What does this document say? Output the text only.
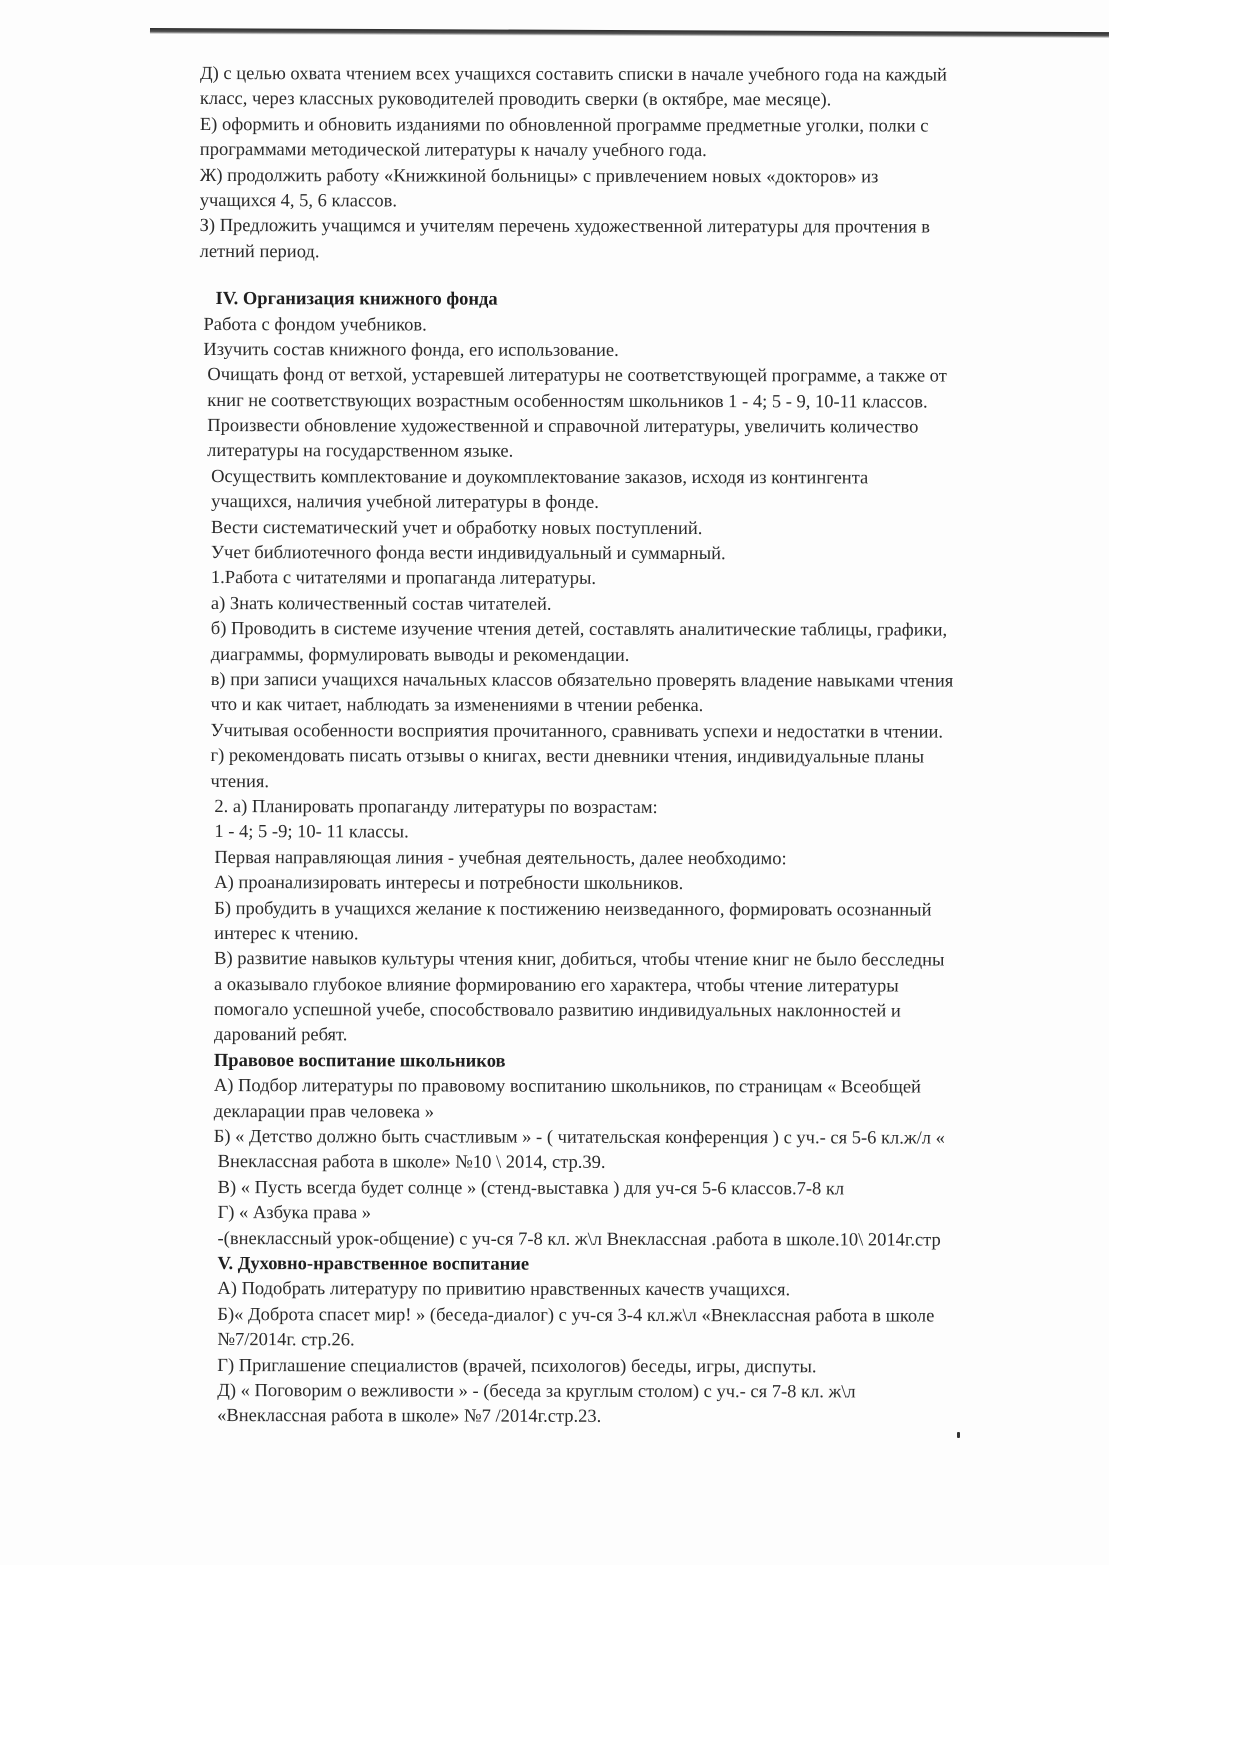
Д) с целью охвата чтением всех учащихся составить списки в начале учебного года на каждый
класс, через классных руководителей проводить сверки (в октябре, мае месяце).
Е) оформить и обновить изданиями по обновленной программе предметные уголки, полки с
программами методической литературы к началу учебного года.
Ж) продолжить работу «Книжкиной больницы» с привлечением новых «докторов» из
учащихся 4, 5, 6 классов.
З) Предложить учащимся и учителям перечень художественной литературы для прочтения в
летний период.
IV. Организация книжного фонда
Работа с фондом учебников.
Изучить состав книжного фонда, его использование.
Очищать фонд от ветхой, устаревшей литературы не соответствующей программе, а также от
книг не соответствующих возрастным особенностям школьников 1 - 4; 5 - 9, 10-11 классов.
Произвести обновление художественной и справочной литературы, увеличить количество
литературы на государственном языке.
Осуществить комплектование и доукомплектование заказов, исходя из контингента
учащихся, наличия учебной литературы в фонде.
Вести систематический учет и обработку новых поступлений.
Учет библиотечного фонда вести индивидуальный и суммарный.
1.Работа с читателями и пропаганда литературы.
а) Знать количественный состав читателей.
б) Проводить в системе изучение чтения детей, составлять аналитические таблицы, графики,
диаграммы, формулировать выводы и рекомендации.
в) при записи учащихся начальных классов обязательно проверять владение навыками чтения
что и как читает, наблюдать за изменениями в чтении ребенка.
Учитывая особенности восприятия прочитанного, сравнивать успехи и недостатки в чтении.
г) рекомендовать писать отзывы о книгах, вести дневники чтения, индивидуальные планы
чтения.
2. а) Планировать пропаганду литературы по возрастам:
1 - 4; 5 -9; 10- 11 классы.
Первая направляющая линия - учебная деятельность, далее необходимо:
А) проанализировать интересы и потребности школьников.
Б) пробудить в учащихся желание к постижению неизведанного, формировать осознанный
интерес к чтению.
В) развитие навыков культуры чтения книг, добиться, чтобы чтение книг не было бесследны
а оказывало глубокое влияние формированию его характера, чтобы чтение литературы
помогало успешной учебе, способствовало развитию индивидуальных наклонностей и
дарований ребят.
Правовое воспитание школьников
А) Подбор литературы по правовому воспитанию школьников, по страницам « Всеобщей
декларации прав человека »
Б) « Детство должно быть счастливым » - ( читательская конференция ) с уч.- ся 5-6 кл.ж/л «
Внеклассная работа в школе» №10 \ 2014, стр.39.
В) « Пусть всегда будет солнце » (стенд-выставка ) для уч-ся 5-6 классов.7-8 кл
Г) « Азбука права »
-(внеклассный урок-общение) с уч-ся 7-8 кл. ж\л Внеклассная .работа в школе.10\ 2014г.стр
V. Духовно-нравственное воспитание
А) Подобрать литературу по привитию нравственных качеств учащихся.
Б)« Доброта спасет мир! » (беседа-диалог) с уч-ся 3-4 кл.ж\л «Внеклассная работа в школе
№7/2014г. стр.26.
Г) Приглашение специалистов (врачей, психологов) беседы, игры, диспуты.
Д) « Поговорим о вежливости » - (беседа за круглым столом) с уч.- ся 7-8 кл. ж\л
«Внеклассная работа в школе» №7 /2014г.стр.23.
